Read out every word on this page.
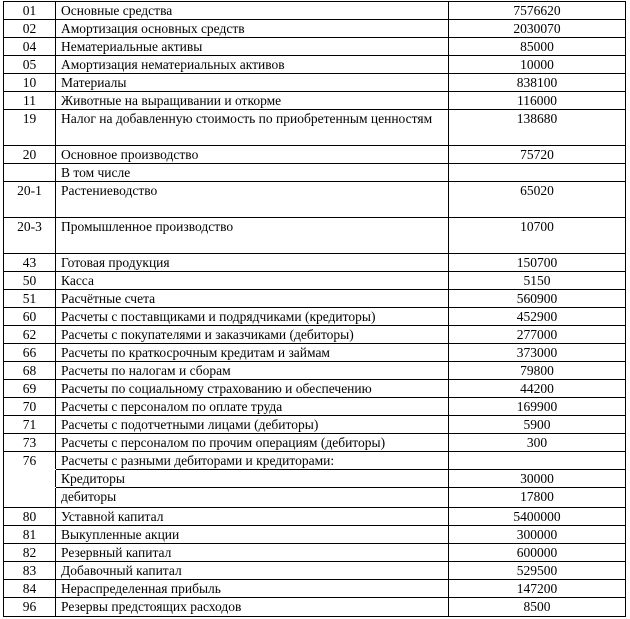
01	Основные средства	7576620
02	Амортизация основных средств	2030070
04	Нематериальные активы	85000
05	Амортизация нематериальных активов	10000
10	Материалы	838100
11	Животные на выращивании и откорме	116000
19	Налог на добавленную стоимость по приобретенным ценностям	138680
20	Основное производство	75720
В том числе
20-1	Растениеводство	65020
20-3	Промышленное производство	10700
43	Готовая продукция	150700
50	Касса	5150
51	Расчётные счета	560900
60	Расчеты с поставщиками и подрядчиками (кредиторы)	452900
62	Расчеты с покупателями и заказчиками (дебиторы)	277000
66	Расчеты по краткосрочным кредитам и займам	373000
68	Расчеты по налогам и сборам	79800
69	Расчеты по социальному страхованию и обеспечению	44200
70	Расчеты с персоналом по оплате труда	169900
71	Расчеты с подотчетными лицами (дебиторы)	5900
73	Расчеты с персоналом по прочим операциям (дебиторы)	300
76	Расчеты с разными дебиторами и кредиторами:
Кредиторы	30000
дебиторы	17800
80	Уставной капитал	5400000
81	Выкупленные акции	300000
82	Резервный капитал	600000
83	Добавочный капитал	529500
84	Нераспределенная прибыль	147200
96	Резервы предстоящих расходов	8500
